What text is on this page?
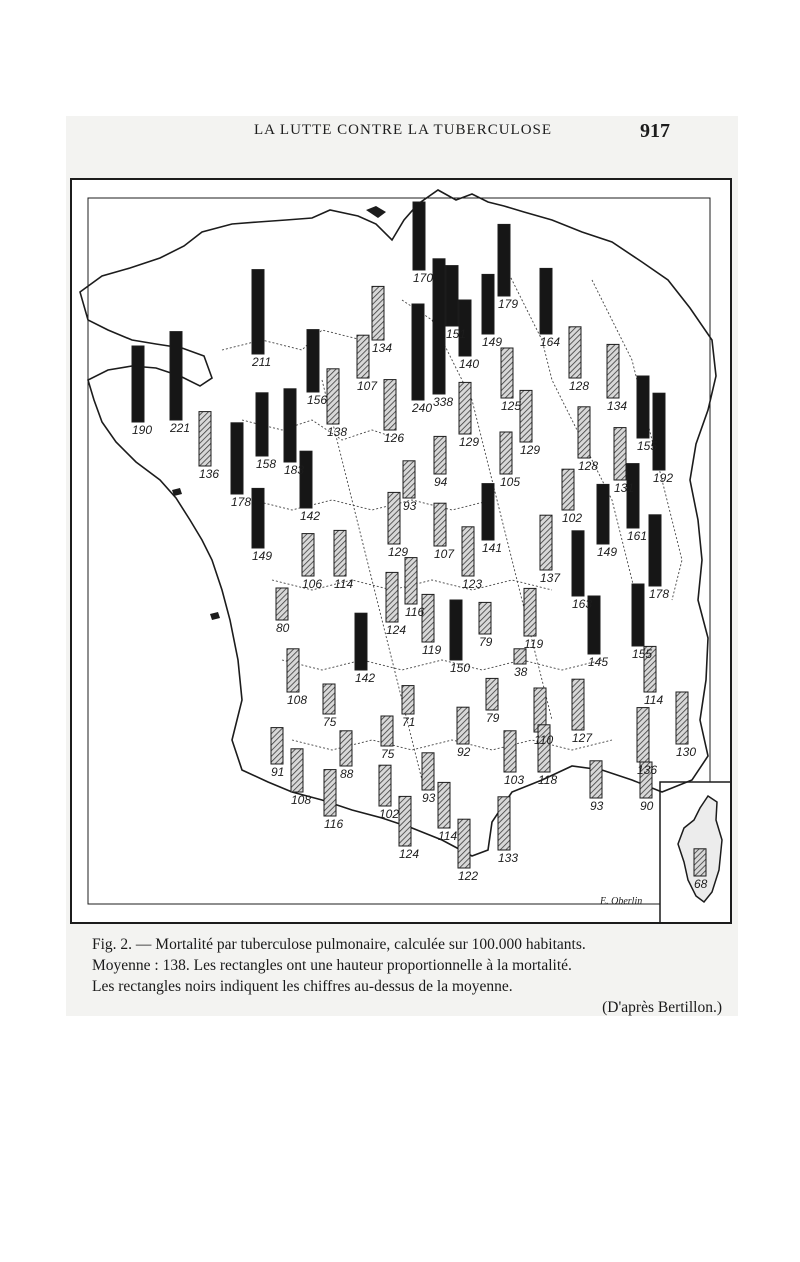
LA LUTTE CONTRE LA TUBERCULOSE	917
190 221
211
136
178
158 183
156
138
134
107
126
142
149
170
151
240 338
140
129
149
179
125
164
128
134
129	155
128
192
131
94	105
93
102
161
129 107 141	149
106 114	123	137
178
80
116
163
124
79	119
155
119
150	145
108
142	38
114
75	71	79
110 127
75	92
136
130
91	88	118
108	93
103
93	90
102
116
114
124	133
122
68
E. Oberlin
Fig. 2. — Mortalité par tuberculose pulmonaire, calculée sur 100.000 habitants.
Moyenne : 138. Les rectangles ont une hauteur proportionnelle à la mortalité.
Les rectangles noirs indiquent les chiffres au-dessus de la moyenne.
(D'après Bertillon.)
